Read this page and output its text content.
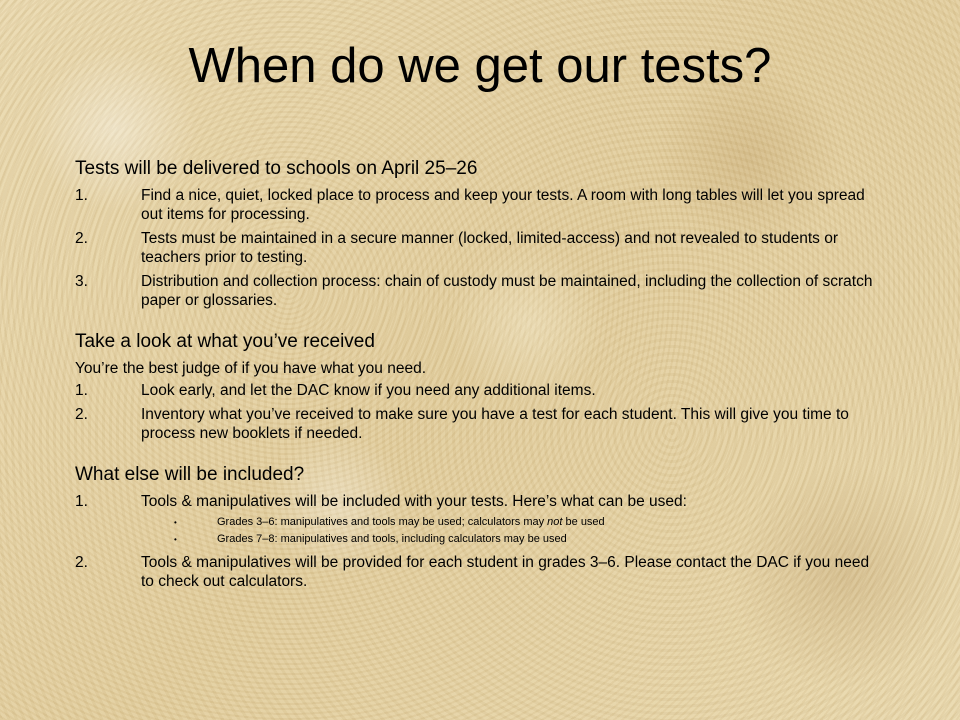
When do we get our tests?

Tests will be delivered to schools on April 25–26

1.	Find a nice, quiet, locked place to process and keep your tests. A room with long tables will let you spread out items for processing.
2.	Tests must be maintained in a secure manner (locked, limited-access) and not revealed to students or teachers prior to testing.
3.	Distribution and collection process: chain of custody must be maintained, including the collection of scratch paper or glossaries.

Take a look at what you’ve received

You’re the best judge of if you have what you need.

1.	Look early, and let the DAC know if you need any additional items.
2.	Inventory what you’ve received to make sure you have a test for each student. This will give you time to process new booklets if needed.

What else will be included?

1.	Tools & manipulatives will be included with your tests. Here’s what can be used:
•	Grades 3–6: manipulatives and tools may be used; calculators may not be used
•	Grades 7–8: manipulatives and tools, including calculators may be used
2.	Tools & manipulatives will be provided for each student in grades 3–6. Please contact the DAC if you need to check out calculators.
